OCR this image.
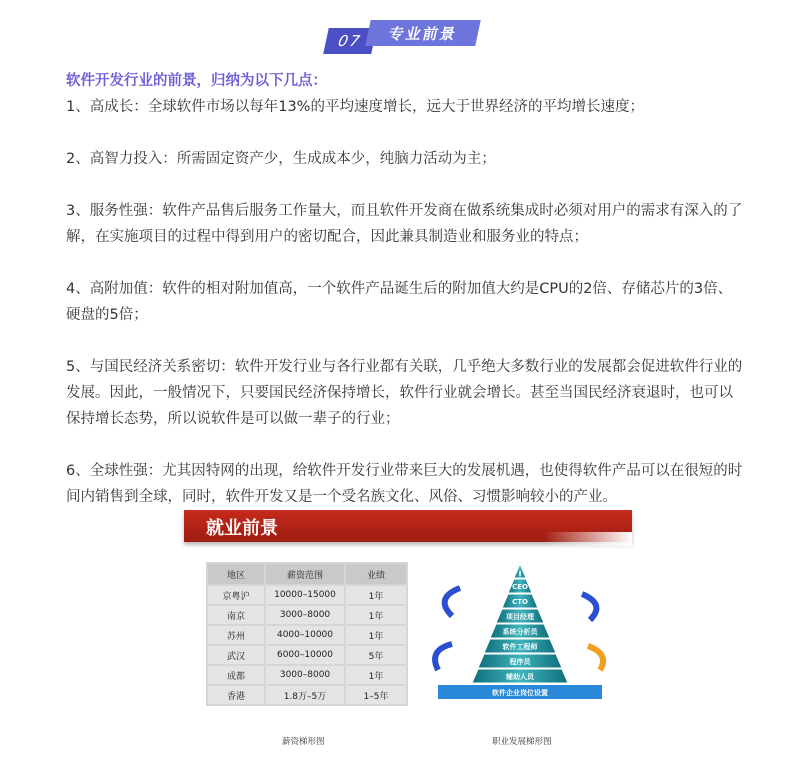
07	专业前景

软件开发行业的前景，归纳为以下几点：

1、高成长：全球软件市场以每年13%的平均速度增长，远大于世界经济的平均增长速度；

2、高智力投入：所需固定资产少，生成成本少，纯脑力活动为主；

3、服务性强：软件产品售后服务工作量大，而且软件开发商在做系统集成时必须对用户的需求有深入的了解，在实施项目的过程中得到用户的密切配合，因此兼具制造业和服务业的特点；

4、高附加值：软件的相对附加值高，一个软件产品诞生后的附加值大约是CPU的2倍、存储芯片的3倍、硬盘的5倍；

5、与国民经济关系密切：软件开发行业与各行业都有关联，几乎绝大多数行业的发展都会促进软件行业的发展。因此，一般情况下，只要国民经济保持增长，软件行业就会增长。甚至当国民经济衰退时，也可以保持增长态势，所以说软件是可以做一辈子的行业；

6、全球性强：尤其因特网的出现，给软件开发行业带来巨大的发展机遇，也使得软件产品可以在很短的时间内销售到全球，同时，软件开发又是一个受名族文化、风俗、习惯影响较小的产业。

就业前景
地区	薪资范围	业绩
京粤沪	10000–15000	1年
南京	3000–8000	1年
苏州	4000–10000	1年
武汉	6000–10000	5年
成都	3000–8000	1年
香港	1.8万–5万	1–5年
薪资梯形图
I
CEO
CTO
项目经理
系统分析员
软件工程师
程序员
辅助人员
软件企业岗位设置
职业发展梯形图
